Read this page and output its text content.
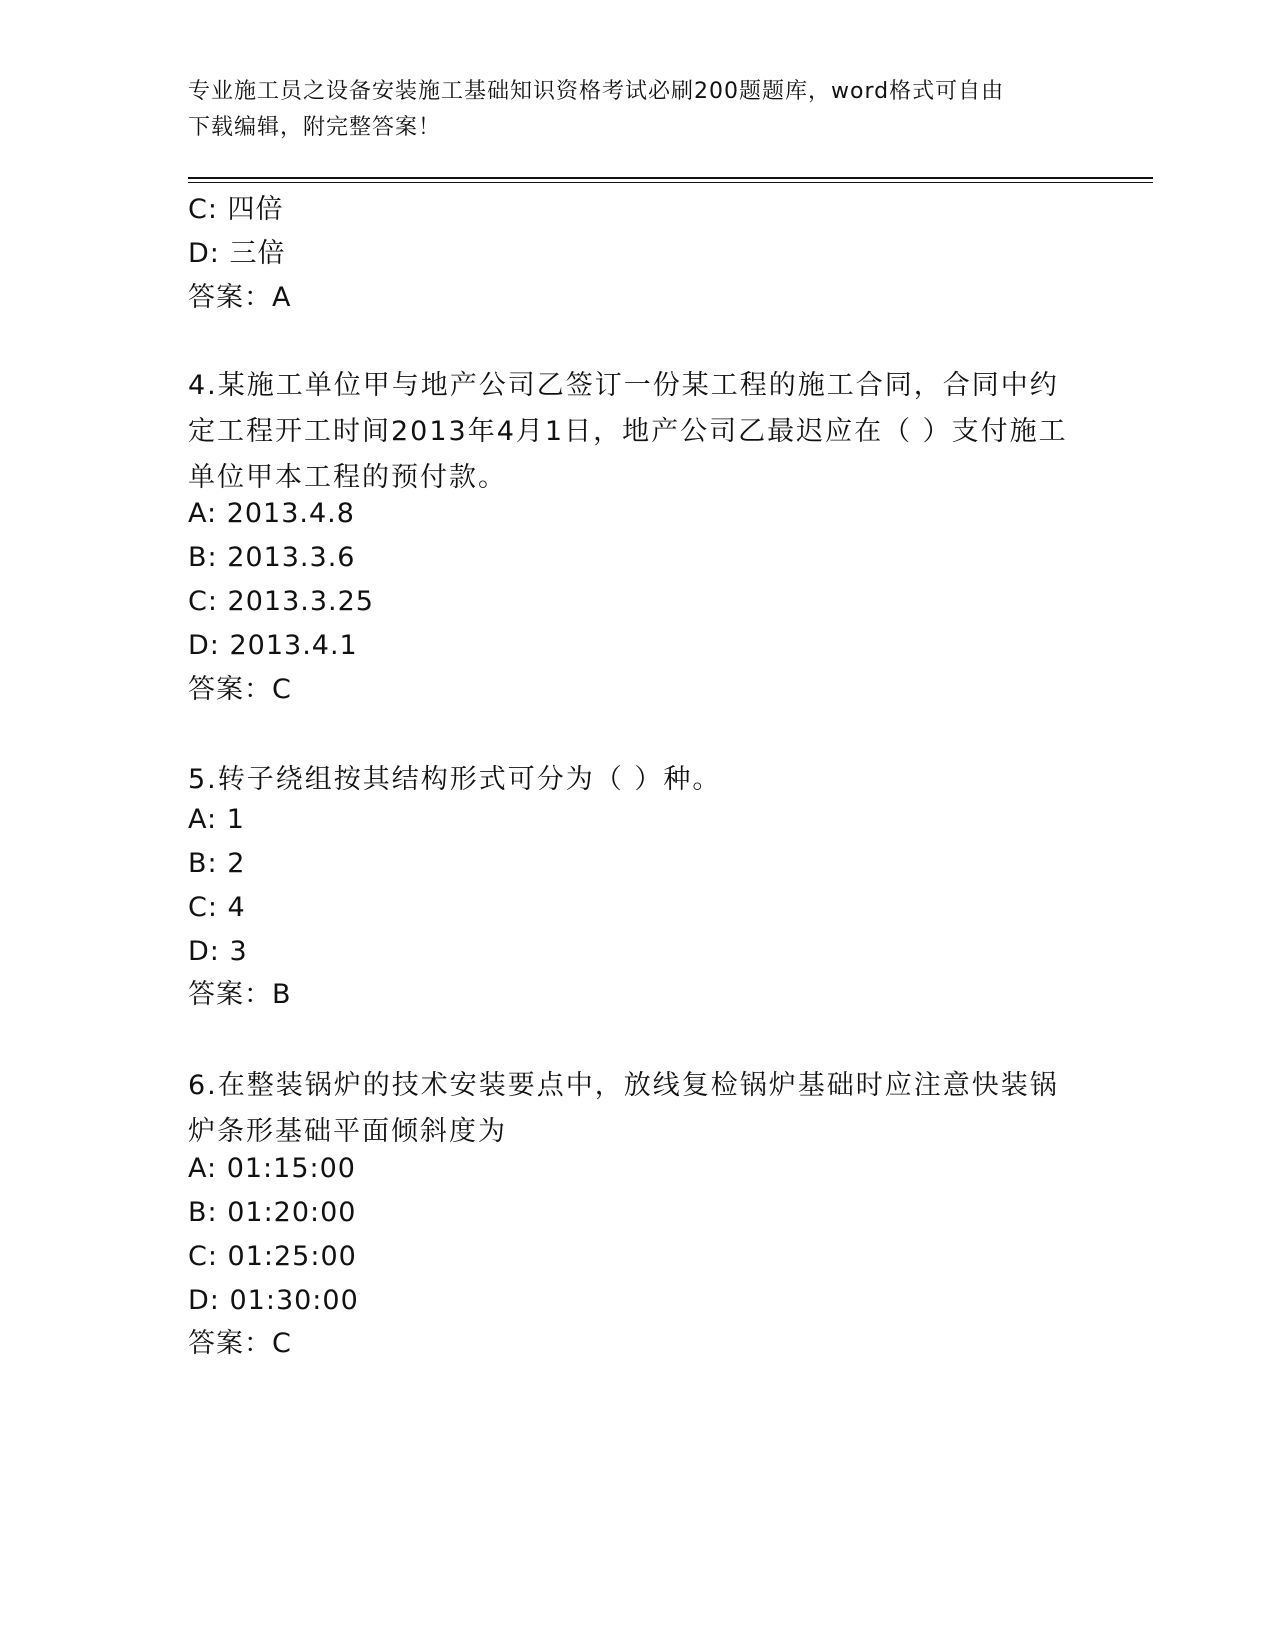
专业施工员之设备安装施工基础知识资格考试必刷200题题库，word格式可自由
下载编辑，附完整答案！
C: 四倍
D: 三倍
答案：A
4.某施工单位甲与地产公司乙签订一份某工程的施工合同，合同中约定工程开工时间2013年4月1日，地产公司乙最迟应在（ ）支付施工单位甲本工程的预付款。
A: 2013.4.8
B: 2013.3.6
C: 2013.3.25
D: 2013.4.1
答案：C
5.转子绕组按其结构形式可分为（ ）种。
A: 1
B: 2
C: 4
D: 3
答案：B
6.在整装锅炉的技术安装要点中，放线复检锅炉基础时应注意快装锅炉条形基础平面倾斜度为
A: 01:15:00
B: 01:20:00
C: 01:25:00
D: 01:30:00
答案：C
